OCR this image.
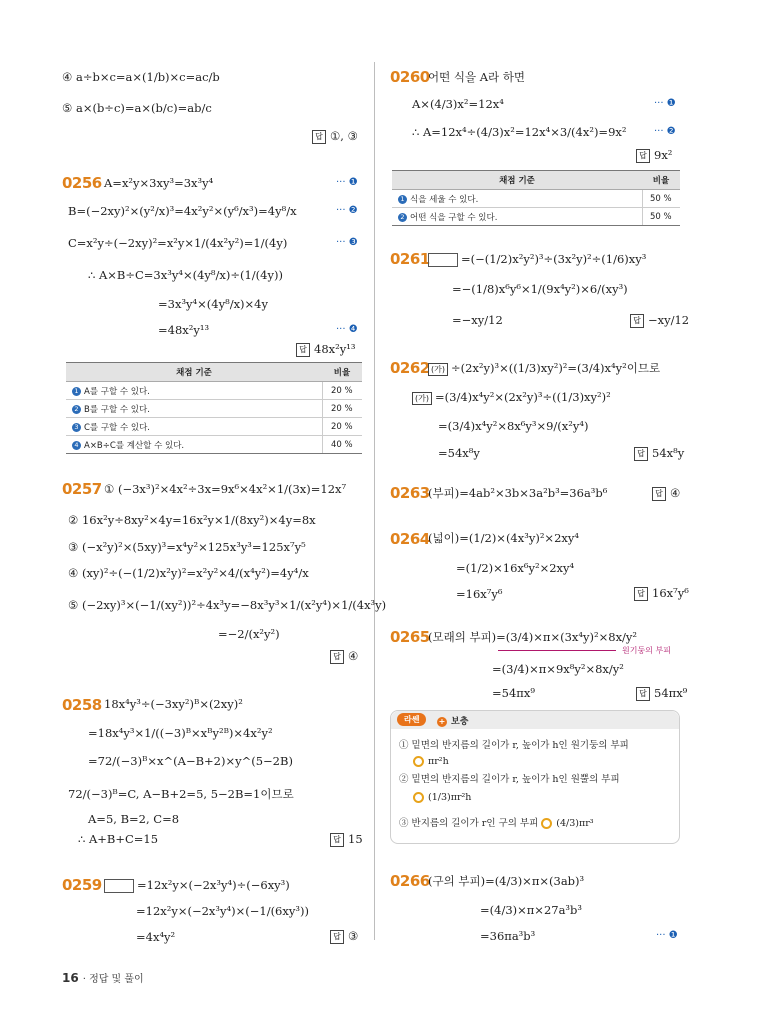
④ a÷b×c=a×(1/b)×c=ac/b
⑤ a×(b÷c)=a×(b/c)=ab/c
답 ①, ③
0256 A=x²y×3xy³=3x³y⁴	··· ❶
B=(−2xy)²×(y²/x)³=4x²y²×(y⁶/x³)=4y⁸/x	··· ❷
C=x²y÷(−2xy)²=x²y×1/(4x²y²)=1/(4y)	··· ❸
∴ A×B÷C=3x³y⁴×(4y⁸/x)÷(1/(4y))
=3x³y⁴×(4y⁸/x)×4y
=48x²y¹³	··· ❹
답 48x²y¹³
채점 기준	비율
1 A를 구할 수 있다.	20 %
2 B를 구할 수 있다.	20 %
3 C를 구할 수 있다.	20 %
4 A×B÷C를 계산할 수 있다.	40 %
0257 ① (−3x³)²×4x²÷3x=9x⁶×4x²×1/(3x)=12x⁷
② 16x²y÷8xy²×4y=16x²y×1/(8xy²)×4y=8x
③ (−x²y)²×(5xy)³=x⁴y²×125x³y³=125x⁷y⁵
④ (xy)²÷(−(1/2)x²y)²=x²y²×4/(x⁴y²)=4y⁴/x
⑤ (−2xy)³×(−1/(xy²))²÷4x³y=−8x³y³×1/(x²y⁴)×1/(4x³y)
=−2/(x²y²)
답 ④
0258 18x⁴y³÷(−3xy²)ᴮ×(2xy)²
=18x⁴y³×1/((−3)ᴮ×xᴮy²ᴮ)×4x²y²
=72/(−3)ᴮ×x^(A−B+2)×y^(5−2B)
72/(−3)ᴮ=C, A−B+2=5, 5−2B=1이므로
A=5, B=2, C=8
∴ A+B+C=15	답 15
0259	=12x²y×(−2x³y⁴)÷(−6xy³)
=12x²y×(−2x³y⁴)×(−1/(6xy³))
=4x⁴y²	답 ③
0260
어떤 식을 A라 하면
A×(4/3)x²=12x⁴	··· ❶
∴ A=12x⁴÷(4/3)x²=12x⁴×3/(4x²)=9x²	··· ❷
답 9x²
채점 기준	비율
1 식을 세울 수 있다.	50 %
2 어떤 식을 구할 수 있다.	50 %
0261	=(−(1/2)x²y²)³÷(3x²y)²÷(1/6)xy³
=−(1/8)x⁶y⁶×1/(9x⁴y²)×6/(xy³)
=−xy/12	답 −xy/12
0262 (가) ÷(2x²y)³×((1/3)xy²)²=(3/4)x⁴y²이므로
(가) =(3/4)x⁴y²×(2x²y)³÷((1/3)xy²)²
=(3/4)x⁴y²×8x⁶y³×9/(x²y⁴)
=54x⁸y	답 54x⁸y
0263
(부피)=4ab²×3b×3a²b³=36a³b⁶	답 ④
0264
(넓이)=(1/2)×(4x³y)²×2xy⁴
=(1/2)×16x⁶y²×2xy⁴
=16x⁷y⁶	답 16x⁷y⁶
0265
(모래의 부피)=(3/4)×π×(3x⁴y)²×8x/y²
원기둥의 부피
=(3/4)×π×9x⁸y²×8x/y²
=54πx⁹	답 54πx⁹
라쎈	+ 보충
① 밑면의 반지름의 길이가 r, 높이가 h인 원기둥의 부피
πr²h
② 밑면의 반지름의 길이가 r, 높이가 h인 원뿔의 부피
(1/3)πr²h
③ 반지름의 길이가 r인 구의 부피 (4/3)πr³
0266
(구의 부피)=(4/3)×π×(3ab)³
=(4/3)×π×27a³b³
=36πa³b³	··· ❶
16 · 정답 및 풀이
